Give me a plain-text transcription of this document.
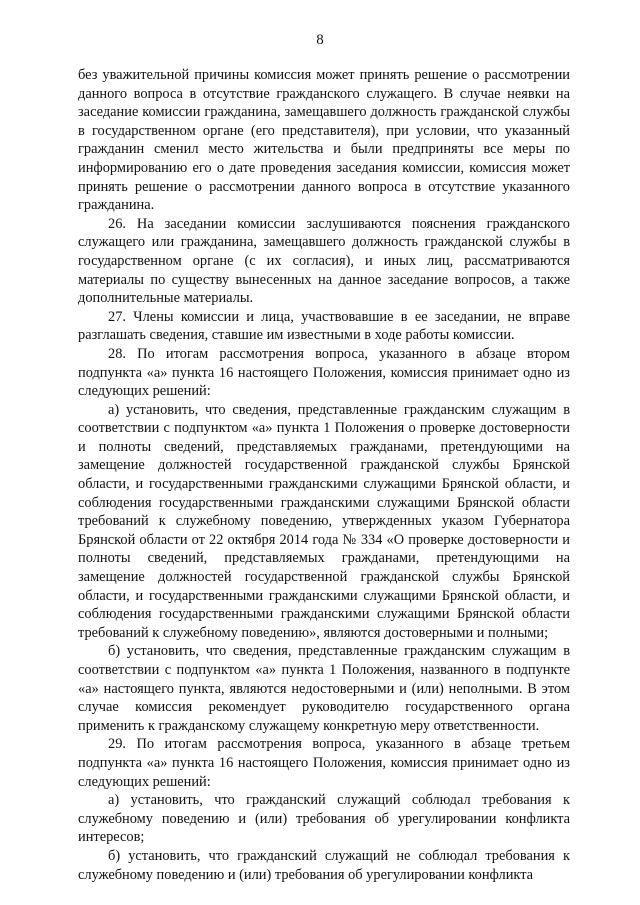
8

без уважительной причины комиссия может принять решение о рассмотрении данного вопроса в отсутствие гражданского служащего. В случае неявки на заседание комиссии гражданина, замещавшего должность гражданской службы в государственном органе (его представителя), при условии, что указанный гражданин сменил место жительства и были предприняты все меры по информированию его о дате проведения заседания комиссии, комиссия может принять решение о рассмотрении данного вопроса в отсутствие указанного гражданина.

26. На заседании комиссии заслушиваются пояснения гражданского служащего или гражданина, замещавшего должность гражданской службы в государственном органе (с их согласия), и иных лиц, рассматриваются материалы по существу вынесенных на данное заседание вопросов, а также дополнительные материалы.

27. Члены комиссии и лица, участвовавшие в ее заседании, не вправе разглашать сведения, ставшие им известными в ходе работы комиссии.

28. По итогам рассмотрения вопроса, указанного в абзаце втором подпункта «а» пункта 16 настоящего Положения, комиссия принимает одно из следующих решений:

а) установить, что сведения, представленные гражданским служащим в соответствии с подпунктом «а» пункта 1 Положения о проверке достоверности и полноты сведений, представляемых гражданами, претендующими на замещение должностей государственной гражданской службы Брянской области, и государственными гражданскими служащими Брянской области, и соблюдения государственными гражданскими служащими Брянской области требований к служебному поведению, утвержденных указом Губернатора Брянской области от 22 октября 2014 года № 334 «О проверке достоверности и полноты сведений, представляемых гражданами, претендующими на замещение должностей государственной гражданской службы Брянской области, и государственными гражданскими служащими Брянской области, и соблюдения государственными гражданскими служащими Брянской области требований к служебному поведению», являются достоверными и полными;

б) установить, что сведения, представленные гражданским служащим в соответствии с подпунктом «а» пункта 1 Положения, названного в подпункте «а» настоящего пункта, являются недостоверными и (или) неполными. В этом случае комиссия рекомендует руководителю государственного органа применить к гражданскому служащему конкретную меру ответственности.

29. По итогам рассмотрения вопроса, указанного в абзаце третьем подпункта «а» пункта 16 настоящего Положения, комиссия принимает одно из следующих решений:

а) установить, что гражданский служащий соблюдал требования к служебному поведению и (или) требования об урегулировании конфликта интересов;

б) установить, что гражданский служащий не соблюдал требования к служебному поведению и (или) требования об урегулировании конфликта
